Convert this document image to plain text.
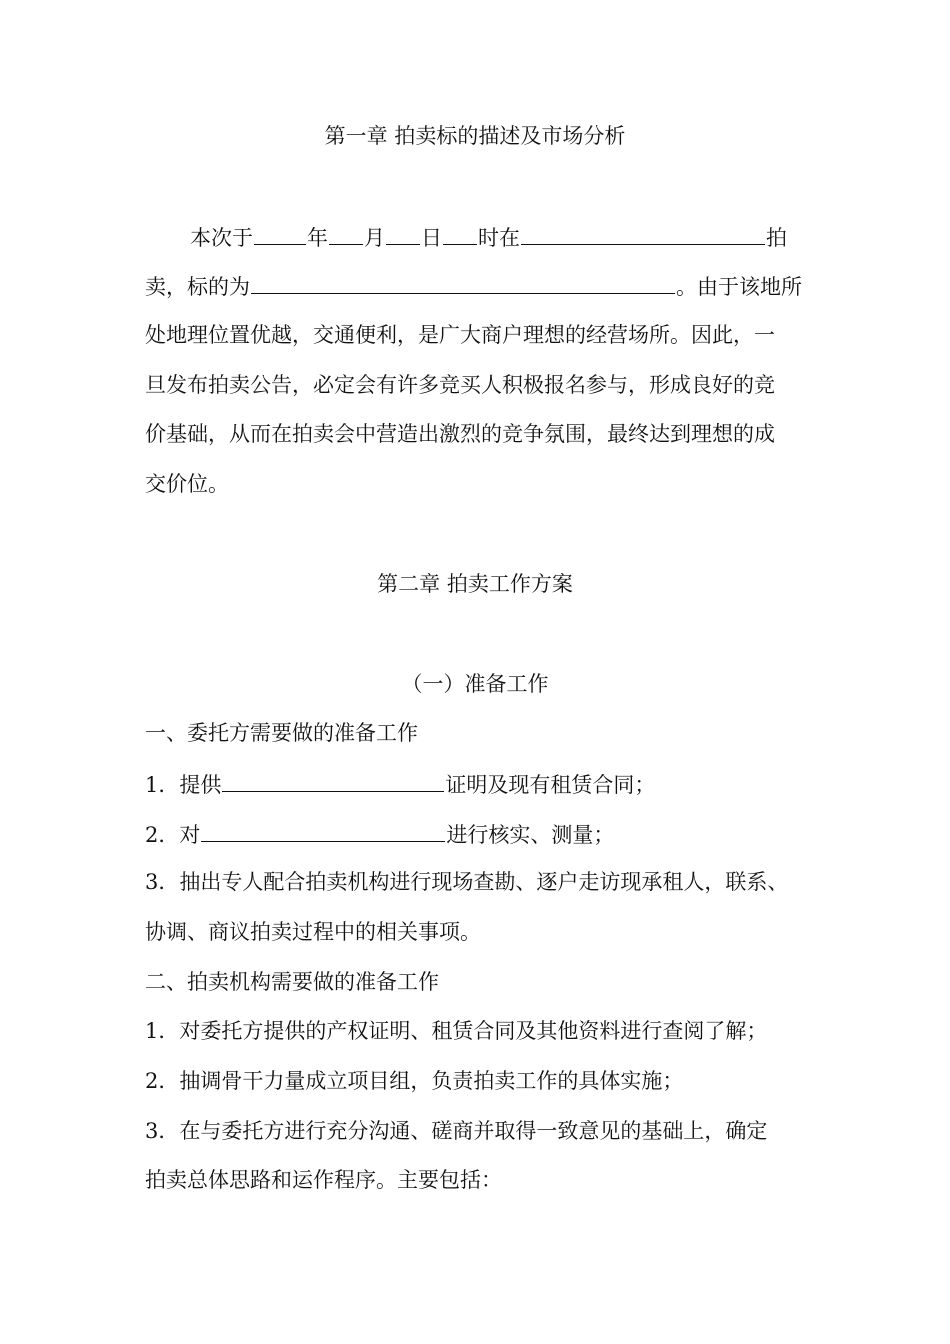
第一章 拍卖标的描述及市场分析
本次于	年 月 日 时在	拍
卖，标的为	。由于该地所
处地理位置优越，交通便利，是广大商户理想的经营场所。因此，一
旦发布拍卖公告，必定会有许多竞买人积极报名参与，形成良好的竞
价基础，从而在拍卖会中营造出激烈的竞争氛围，最终达到理想的成
交价位。
第二章 拍卖工作方案
（一）准备工作
一、委托方需要做的准备工作
1．提供	证明及现有租赁合同；
2．对	进行核实、测量；
3．抽出专人配合拍卖机构进行现场查勘、逐户走访现承租人，联系、
协调、商议拍卖过程中的相关事项。
二、拍卖机构需要做的准备工作
1．对委托方提供的产权证明、租赁合同及其他资料进行查阅了解；
2．抽调骨干力量成立项目组，负责拍卖工作的具体实施；
3．在与委托方进行充分沟通、磋商并取得一致意见的基础上，确定
拍卖总体思路和运作程序。主要包括：
